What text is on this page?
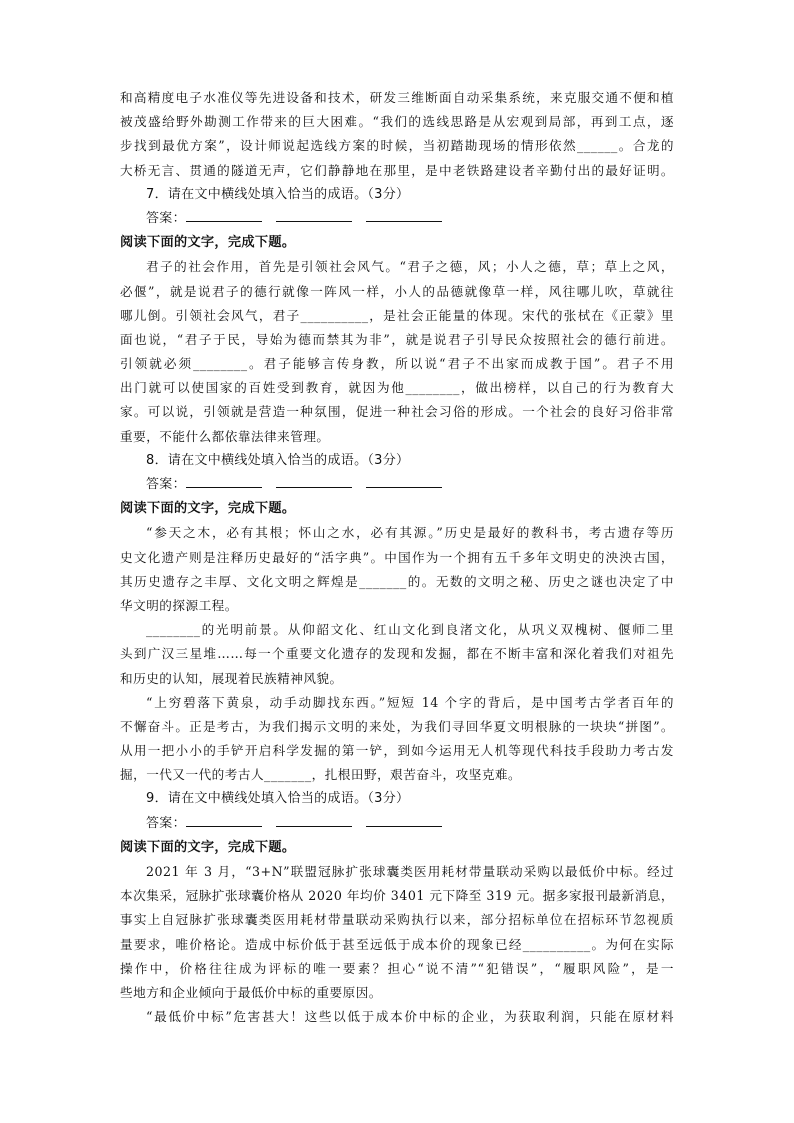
和高精度电子水准仪等先进设备和技术，研发三维断面自动采集系统，来克服交通不便和植
被茂盛给野外勘测工作带来的巨大困难。“我们的选线思路是从宏观到局部，再到工点，逐
步找到最优方案”，设计师说起选线方案的时候，当初踏勘现场的情形依然______。合龙的
大桥无言、贯通的隧道无声，它们静静地在那里，是中老铁路建设者辛勤付出的最好证明。
7．请在文中横线处填入恰当的成语。（3分）
答案：
阅读下面的文字，完成下题。
君子的社会作用，首先是引领社会风气。“君子之德，风；小人之德，草；草上之风，
必偃”，就是说君子的德行就像一阵风一样，小人的品德就像草一样，风往哪儿吹，草就往
哪儿倒。引领社会风气，君子__________，是社会正能量的体现。宋代的张栻在《正蒙》里
面也说，“君子于民，导始为德而禁其为非”，就是说君子引导民众按照社会的德行前进。
引领就必须________。君子能够言传身教，所以说“君子不出家而成教于国”。君子不用
出门就可以使国家的百姓受到教育，就因为他________，做出榜样，以自己的行为教育大
家。可以说，引领就是营造一种氛围，促进一种社会习俗的形成。一个社会的良好习俗非常
重要，不能什么都依靠法律来管理。
8．请在文中横线处填入恰当的成语。（3分）
答案：
阅读下面的文字，完成下题。
“参天之木，必有其根；怀山之水，必有其源。”历史是最好的教科书，考古遗存等历
史文化遗产则是注释历史最好的“活字典”。中国作为一个拥有五千多年文明史的泱泱古国，
其历史遗存之丰厚、文化文明之辉煌是_______的。无数的文明之秘、历史之谜也决定了中
华文明的探源工程。
________的光明前景。从仰韶文化、红山文化到良渚文化，从巩义双槐树、偃师二里
头到广汉三星堆……每一个重要文化遗存的发现和发掘，都在不断丰富和深化着我们对祖先
和历史的认知，展现着民族精神风貌。
“上穷碧落下黄泉，动手动脚找东西。”短短 14 个字的背后，是中国考古学者百年的
不懈奋斗。正是考古，为我们揭示文明的来处，为我们寻回华夏文明根脉的一块块“拼图”。
从用一把小小的手铲开启科学发掘的第一铲，到如今运用无人机等现代科技手段助力考古发
掘，一代又一代的考古人_______，扎根田野，艰苦奋斗，攻坚克难。
9．请在文中横线处填入恰当的成语。（3分）
答案：
阅读下面的文字，完成下题。
2021 年 3 月，“3+N”联盟冠脉扩张球囊类医用耗材带量联动采购以最低价中标。经过
本次集采，冠脉扩张球囊价格从 2020 年均价 3401 元下降至 319 元。据多家报刊最新消息，
事实上自冠脉扩张球囊类医用耗材带量联动采购执行以来，部分招标单位在招标环节忽视质
量要求，唯价格论。造成中标价低于甚至远低于成本价的现象已经__________。为何在实际
操作中，价格往往成为评标的唯一要素？担心“说不清”“犯错误”，“履职风险”，是一
些地方和企业倾向于最低价中标的重要原因。
“最低价中标”危害甚大！这些以低于成本价中标的企业，为获取利润，只能在原材料
